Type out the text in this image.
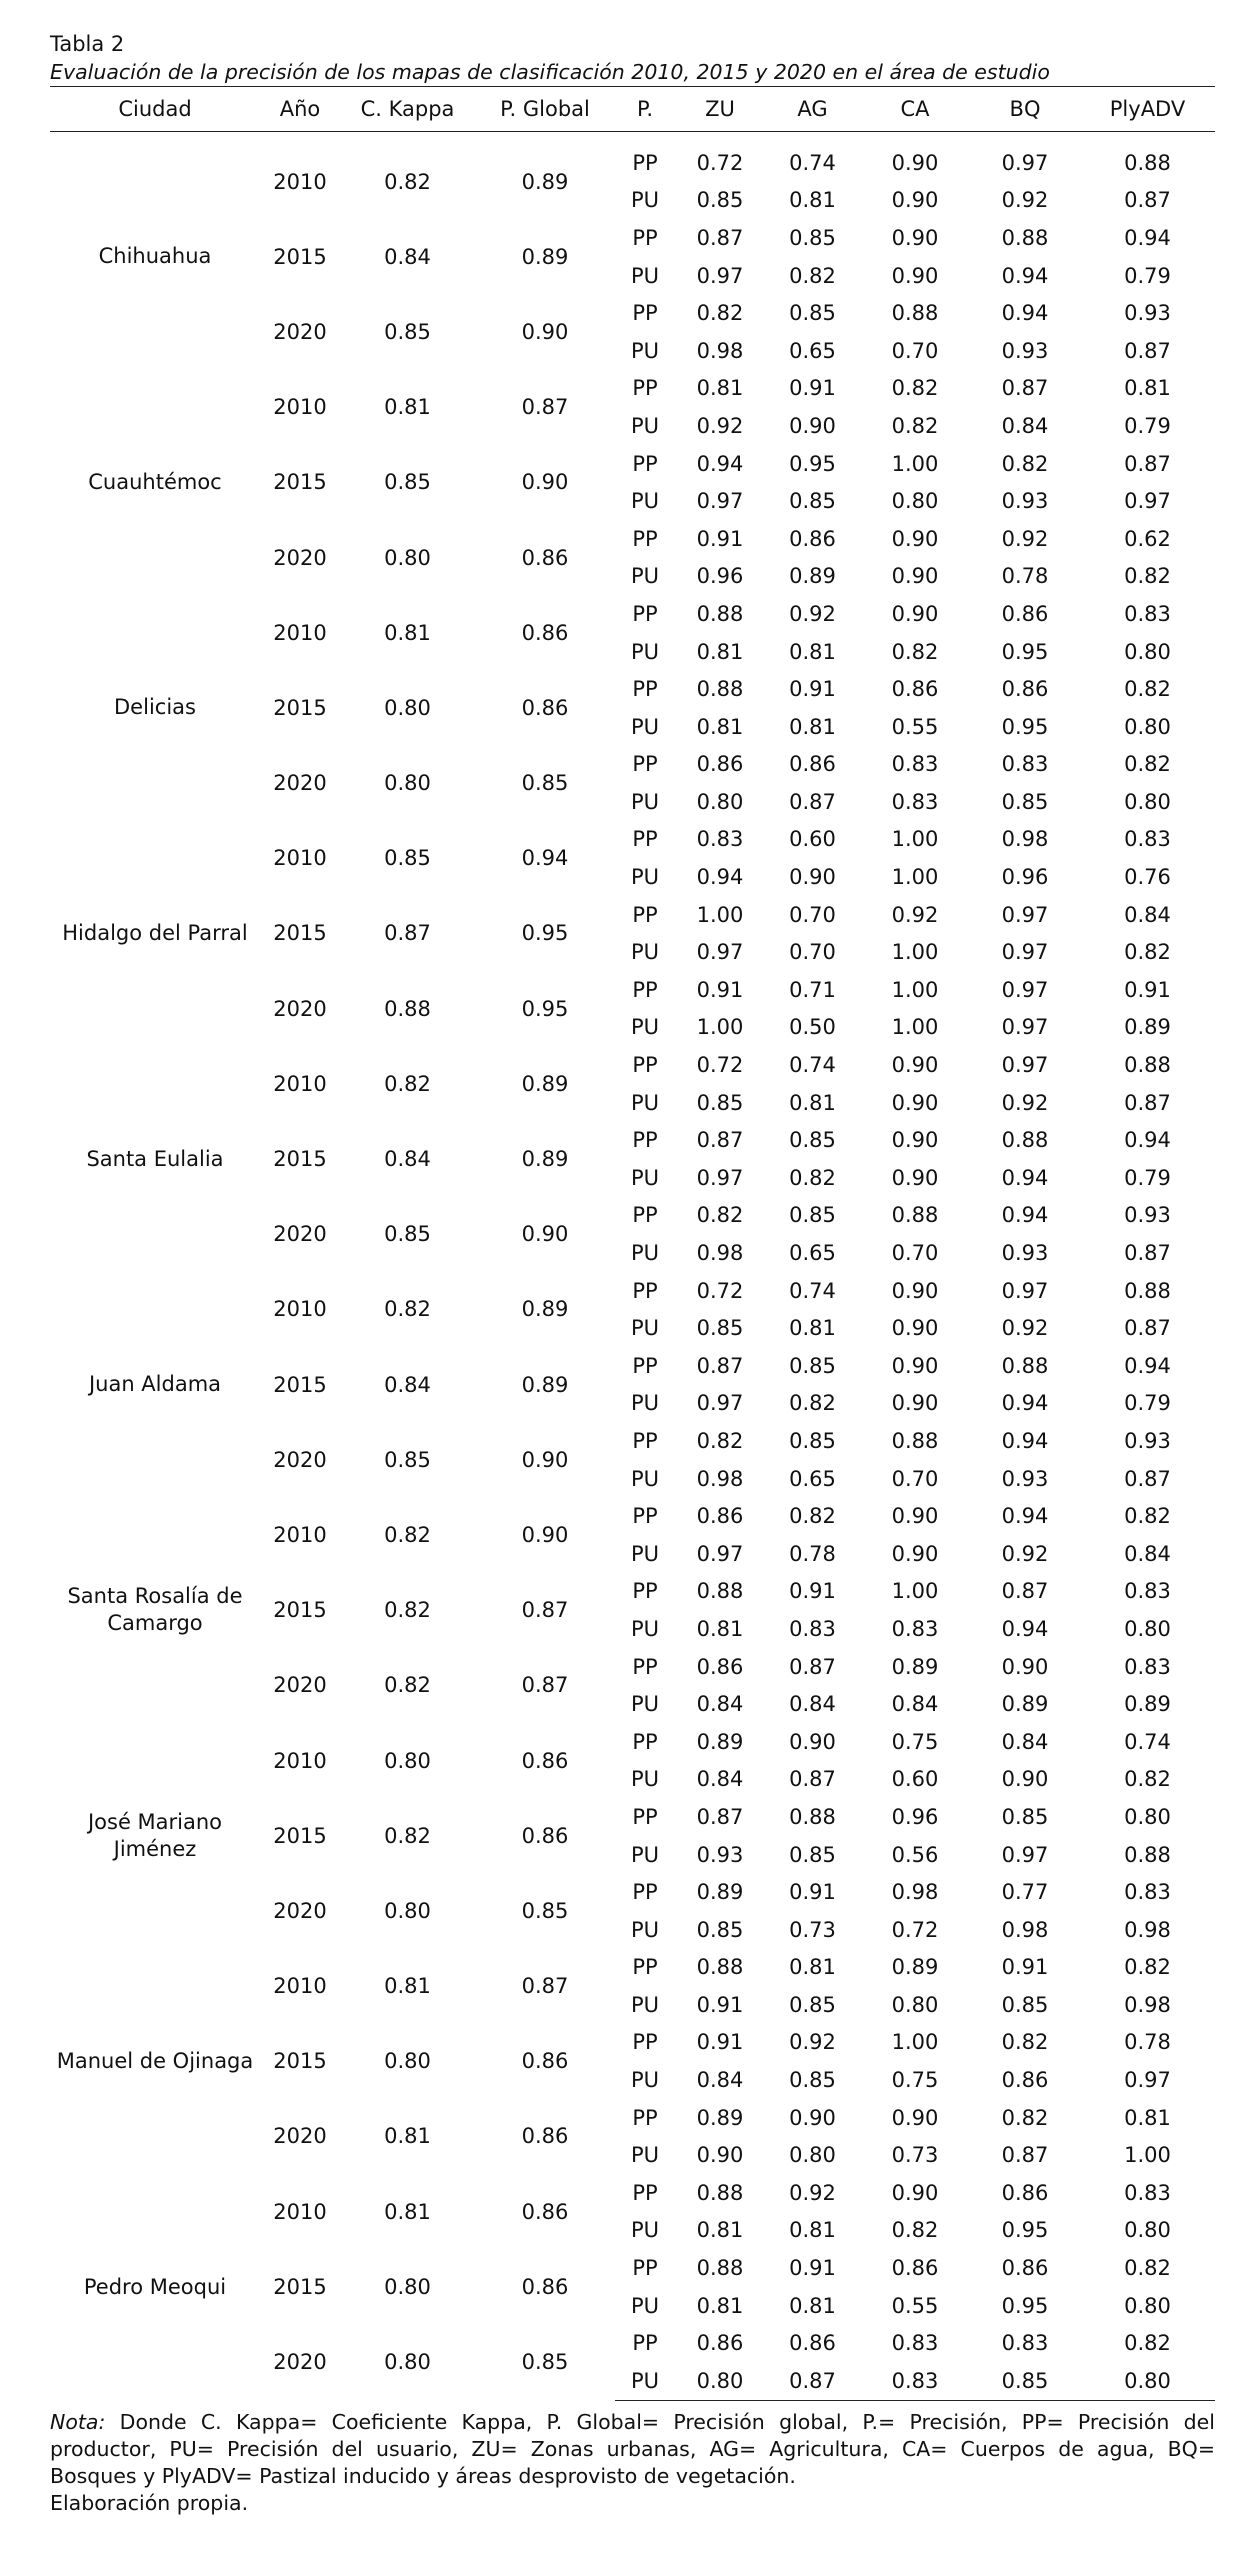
Tabla 2
Evaluación de la precisión de los mapas de clasificación 2010, 2015 y 2020 en el área de estudio
Ciudad	Año	C. Kappa	P. Global	P.	ZU	AG	CA	BQ	PlyADV
Chihuahua	2010	0.82	0.89	PP	0.72	0.74	0.90	0.97	0.88
				PU	0.85	0.81	0.90	0.92	0.87
	2015	0.84	0.89	PP	0.87	0.85	0.90	0.88	0.94
				PU	0.97	0.82	0.90	0.94	0.79
	2020	0.85	0.90	PP	0.82	0.85	0.88	0.94	0.93
				PU	0.98	0.65	0.70	0.93	0.87
Cuauhtémoc	2010	0.81	0.87	PP	0.81	0.91	0.82	0.87	0.81
				PU	0.92	0.90	0.82	0.84	0.79
	2015	0.85	0.90	PP	0.94	0.95	1.00	0.82	0.87
				PU	0.97	0.85	0.80	0.93	0.97
	2020	0.80	0.86	PP	0.91	0.86	0.90	0.92	0.62
				PU	0.96	0.89	0.90	0.78	0.82
Delicias	2010	0.81	0.86	PP	0.88	0.92	0.90	0.86	0.83
				PU	0.81	0.81	0.82	0.95	0.80
	2015	0.80	0.86	PP	0.88	0.91	0.86	0.86	0.82
				PU	0.81	0.81	0.55	0.95	0.80
	2020	0.80	0.85	PP	0.86	0.86	0.83	0.83	0.82
				PU	0.80	0.87	0.83	0.85	0.80
Hidalgo del Parral	2010	0.85	0.94	PP	0.83	0.60	1.00	0.98	0.83
				PU	0.94	0.90	1.00	0.96	0.76
	2015	0.87	0.95	PP	1.00	0.70	0.92	0.97	0.84
				PU	0.97	0.70	1.00	0.97	0.82
	2020	0.88	0.95	PP	0.91	0.71	1.00	0.97	0.91
				PU	1.00	0.50	1.00	0.97	0.89
Santa Eulalia	2010	0.82	0.89	PP	0.72	0.74	0.90	0.97	0.88
				PU	0.85	0.81	0.90	0.92	0.87
	2015	0.84	0.89	PP	0.87	0.85	0.90	0.88	0.94
				PU	0.97	0.82	0.90	0.94	0.79
	2020	0.85	0.90	PP	0.82	0.85	0.88	0.94	0.93
				PU	0.98	0.65	0.70	0.93	0.87
Juan Aldama	2010	0.82	0.89	PP	0.72	0.74	0.90	0.97	0.88
				PU	0.85	0.81	0.90	0.92	0.87
	2015	0.84	0.89	PP	0.87	0.85	0.90	0.88	0.94
				PU	0.97	0.82	0.90	0.94	0.79
	2020	0.85	0.90	PP	0.82	0.85	0.88	0.94	0.93
				PU	0.98	0.65	0.70	0.93	0.87
Santa Rosalía de Camargo	2010	0.82	0.90	PP	0.86	0.82	0.90	0.94	0.82
				PU	0.97	0.78	0.90	0.92	0.84
	2015	0.82	0.87	PP	0.88	0.91	1.00	0.87	0.83
				PU	0.81	0.83	0.83	0.94	0.80
	2020	0.82	0.87	PP	0.86	0.87	0.89	0.90	0.83
				PU	0.84	0.84	0.84	0.89	0.89
José Mariano Jiménez	2010	0.80	0.86	PP	0.89	0.90	0.75	0.84	0.74
				PU	0.84	0.87	0.60	0.90	0.82
	2015	0.82	0.86	PP	0.87	0.88	0.96	0.85	0.80
				PU	0.93	0.85	0.56	0.97	0.88
	2020	0.80	0.85	PP	0.89	0.91	0.98	0.77	0.83
				PU	0.85	0.73	0.72	0.98	0.98
Manuel de Ojinaga	2010	0.81	0.87	PP	0.88	0.81	0.89	0.91	0.82
				PU	0.91	0.85	0.80	0.85	0.98
	2015	0.80	0.86	PP	0.91	0.92	1.00	0.82	0.78
				PU	0.84	0.85	0.75	0.86	0.97
	2020	0.81	0.86	PP	0.89	0.90	0.90	0.82	0.81
				PU	0.90	0.80	0.73	0.87	1.00
Pedro Meoqui	2010	0.81	0.86	PP	0.88	0.92	0.90	0.86	0.83
				PU	0.81	0.81	0.82	0.95	0.80
	2015	0.80	0.86	PP	0.88	0.91	0.86	0.86	0.82
				PU	0.81	0.81	0.55	0.95	0.80
	2020	0.80	0.85	PP	0.86	0.86	0.83	0.83	0.82
				PU	0.80	0.87	0.83	0.85	0.80
Nota: Donde C. Kappa= Coeficiente Kappa, P. Global= Precisión global, P.= Precisión, PP= Precisión del productor, PU= Precisión del usuario, ZU= Zonas urbanas, AG= Agricultura, CA= Cuerpos de agua, BQ= Bosques y PlyADV= Pastizal inducido y áreas desprovisto de vegetación.
Elaboración propia.
